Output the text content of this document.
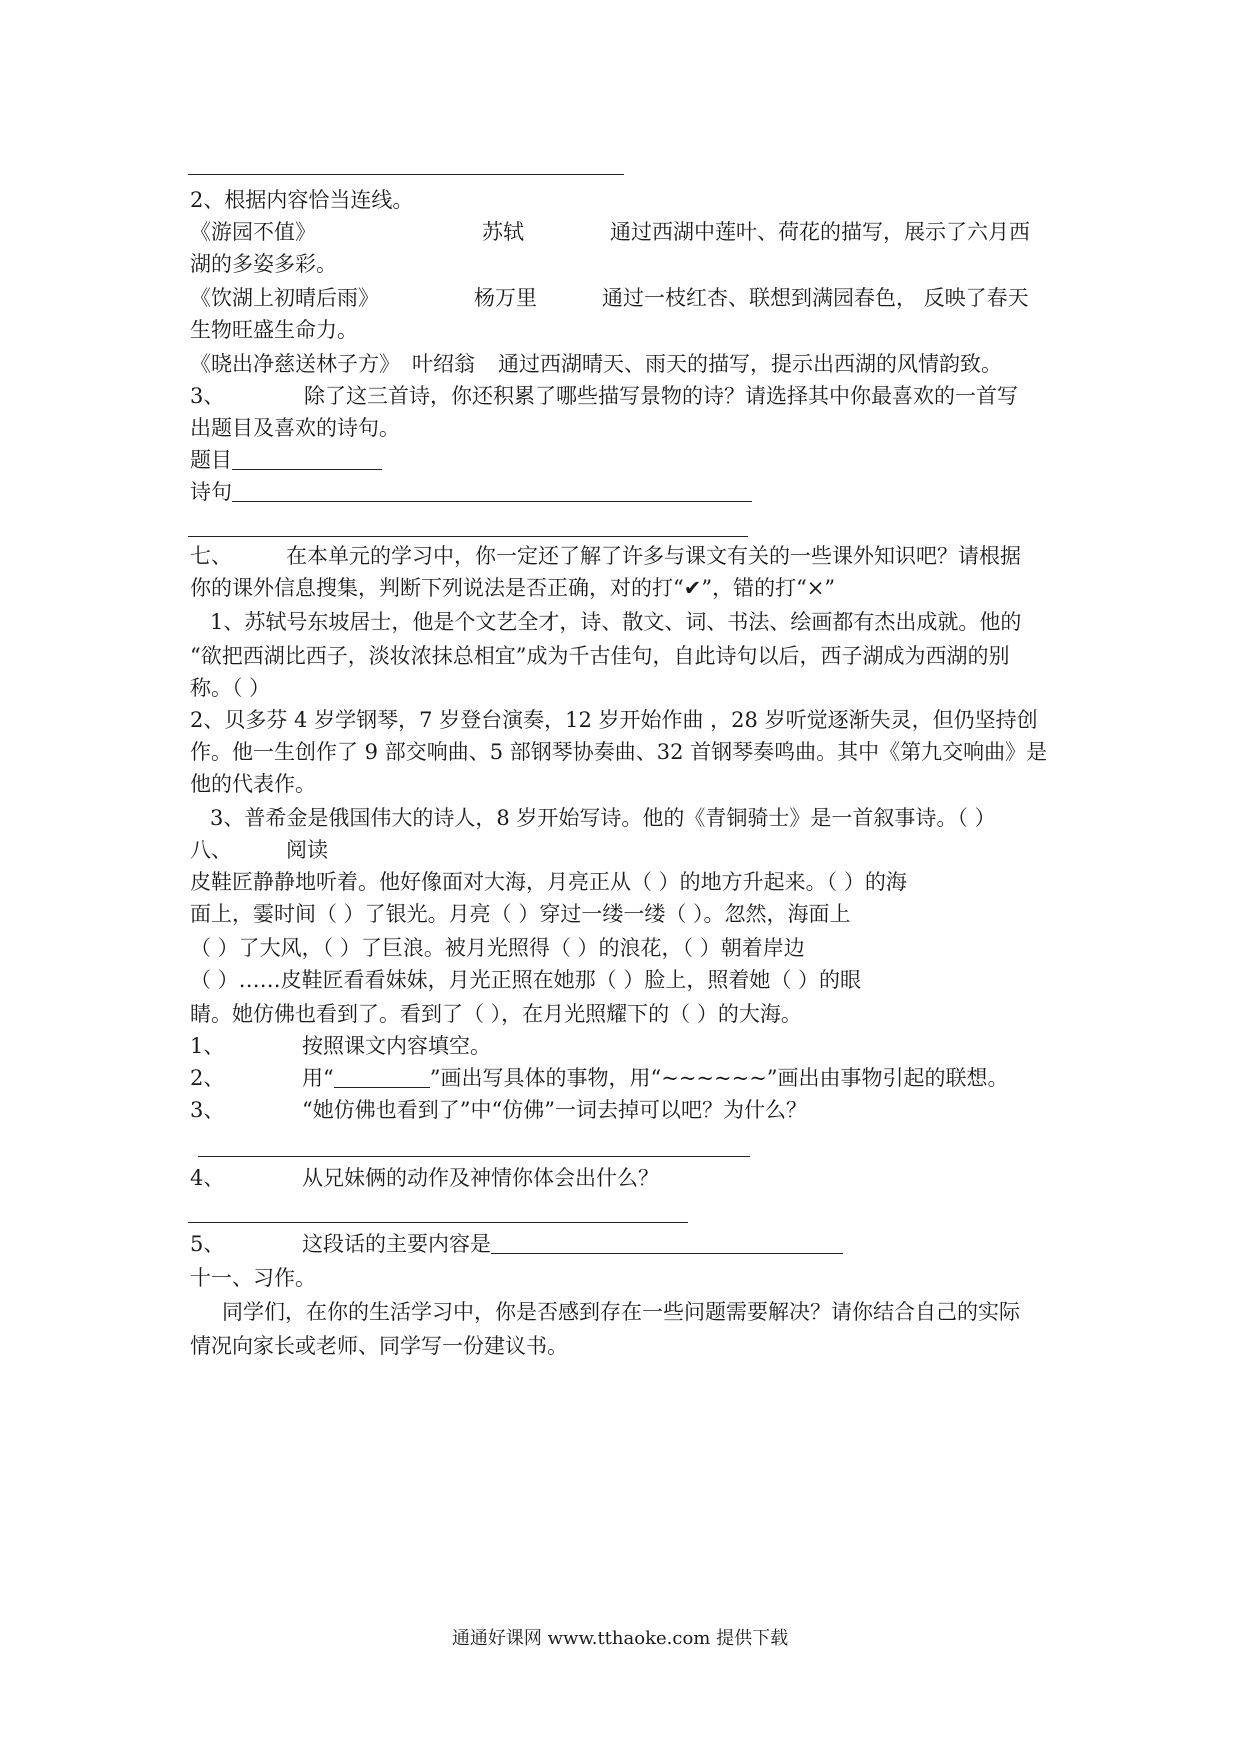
2、根据内容恰当连线。
《游园不值》	苏轼	通过西湖中莲叶、荷花的描写，展示了六月西
湖的多姿多彩。
《饮湖上初晴后雨》	杨万里	通过一枝红杏、联想到满园春色， 反映了春天
生物旺盛生命力。
《晓出净慈送林子方》 叶绍翁 通过西湖晴天、雨天的描写，提示出西湖的风情韵致。
3、	除了这三首诗，你还积累了哪些描写景物的诗？请选择其中你最喜欢的一首写
出题目及喜欢的诗句。
题目
诗句
七、	在本单元的学习中，你一定还了解了许多与课文有关的一些课外知识吧？请根据
你的课外信息搜集，判断下列说法是否正确，对的打“✔”，错的打“×”
1、苏轼号东坡居士，他是个文艺全才，诗、散文、词、书法、绘画都有杰出成就。他的
“欲把西湖比西子，淡妆浓抹总相宜”成为千古佳句，自此诗句以后，西子湖成为西湖的别
称。（ ）
2、贝多芬 4 岁学钢琴，7 岁登台演奏，12 岁开始作曲 ，28 岁听觉逐渐失灵，但仍坚持创
作。他一生创作了 9 部交响曲、5 部钢琴协奏曲、32 首钢琴奏鸣曲。其中《第九交响曲》是
他的代表作。
3、普希金是俄国伟大的诗人，8 岁开始写诗。他的《青铜骑士》是一首叙事诗。（ ）
八、	阅读
皮鞋匠静静地听着。他好像面对大海，月亮正从（ ）的地方升起来。（ ）的海
面上，霎时间（ ）了银光。月亮（ ）穿过一缕一缕（ ）。忽然，海面上
（ ）了大风，（ ）了巨浪。被月光照得（ ）的浪花，（ ）朝着岸边
（ ）……皮鞋匠看看妹妹，月光正照在她那（ ）脸上，照着她（ ）的眼
睛。她仿佛也看到了。看到了（ ），在月光照耀下的（ ）的大海。
1、	按照课文内容填空。
2、	用“	”画出写具体的事物，用“~~~~~~”画出由事物引起的联想。
3、	“她仿佛也看到了”中“仿佛”一词去掉可以吧？为什么？
4、	从兄妹俩的动作及神情你体会出什么？
5、	这段话的主要内容是
十一、习作。
同学们，在你的生活学习中，你是否感到存在一些问题需要解决？请你结合自己的实际
情况向家长或老师、同学写一份建议书。
通通好课网 www.tthaoke.com 提供下载
